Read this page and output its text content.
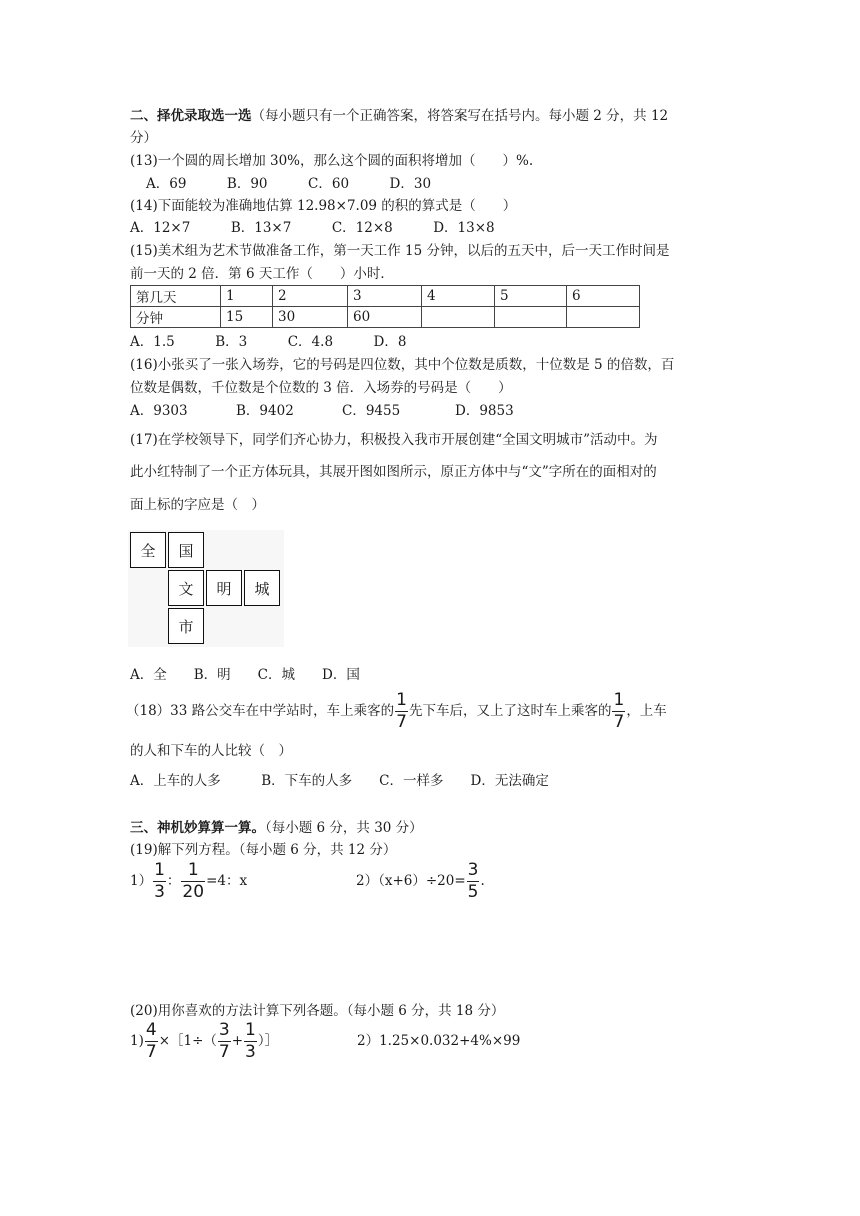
二、择优录取选一选（每小题只有一个正确答案，将答案写在括号内。每小题 2 分，共 12
分）
(13)一个圆的周长增加 30%，那么这个圆的面积将增加（　　）%.
A．69　　　B．90　　　C．60　　　D．30
(14)下面能较为准确地估算 12.98×7.09 的积的算式是（　　）
A．12×7　　　B．13×7　　　C．12×8　　　D．13×8
(15)美术组为艺术节做准备工作，第一天工作 15 分钟，以后的五天中，后一天工作时间是
前一天的 2 倍．第 6 天工作（　　）小时．
第几天	1	2	3	4	5	6
分钟	15	30	60			
A．1.5　　　B．3　　　C．4.8　　　D．8
(16)小张买了一张入场券，它的号码是四位数，其中个位数是质数，十位数是 5 的倍数，百
位数是偶数，千位数是个位数的 3 倍．入场券的号码是（　　）
A．9303	B．9402	C．9455	D．9853
(17)在学校领导下，同学们齐心协力，积极投入我市开展创建“全国文明城市”活动中。为
此小红特制了一个正方体玩具，其展开图如图所示，原正方体中与“文”字所在的面相对的
面上标的字应是（　）
全	国
文	明	城
市
A．全　　B．明　　C．城　　D．国
（18）33 路公交车在中学站时，车上乘客的 $\frac{1}{7}$ 先下车后，又上了这时车上乘客的 $\frac{1}{7}$ ，上车
的人和下车的人比较（　）
A．上车的人多　　　B．下车的人多　　C．一样多　　D．无法确定
三、神机妙算算一算。（每小题 6 分，共 30 分）
(19)解下列方程。（每小题 6 分，共 12 分）
$1) \frac{1}{3}$ ： $\frac{1}{20} =4$：x	$2)(x+6)\div 20= \frac{3}{5}$ .
(20)用你喜欢的方法计算下列各题。（每小题 6 分，共 18 分）
$1) \frac{4}{7}$ ×［1÷（ $\frac{3}{7} + \frac{1}{3}$ ）］	2）1.25×0.032+4%×99
